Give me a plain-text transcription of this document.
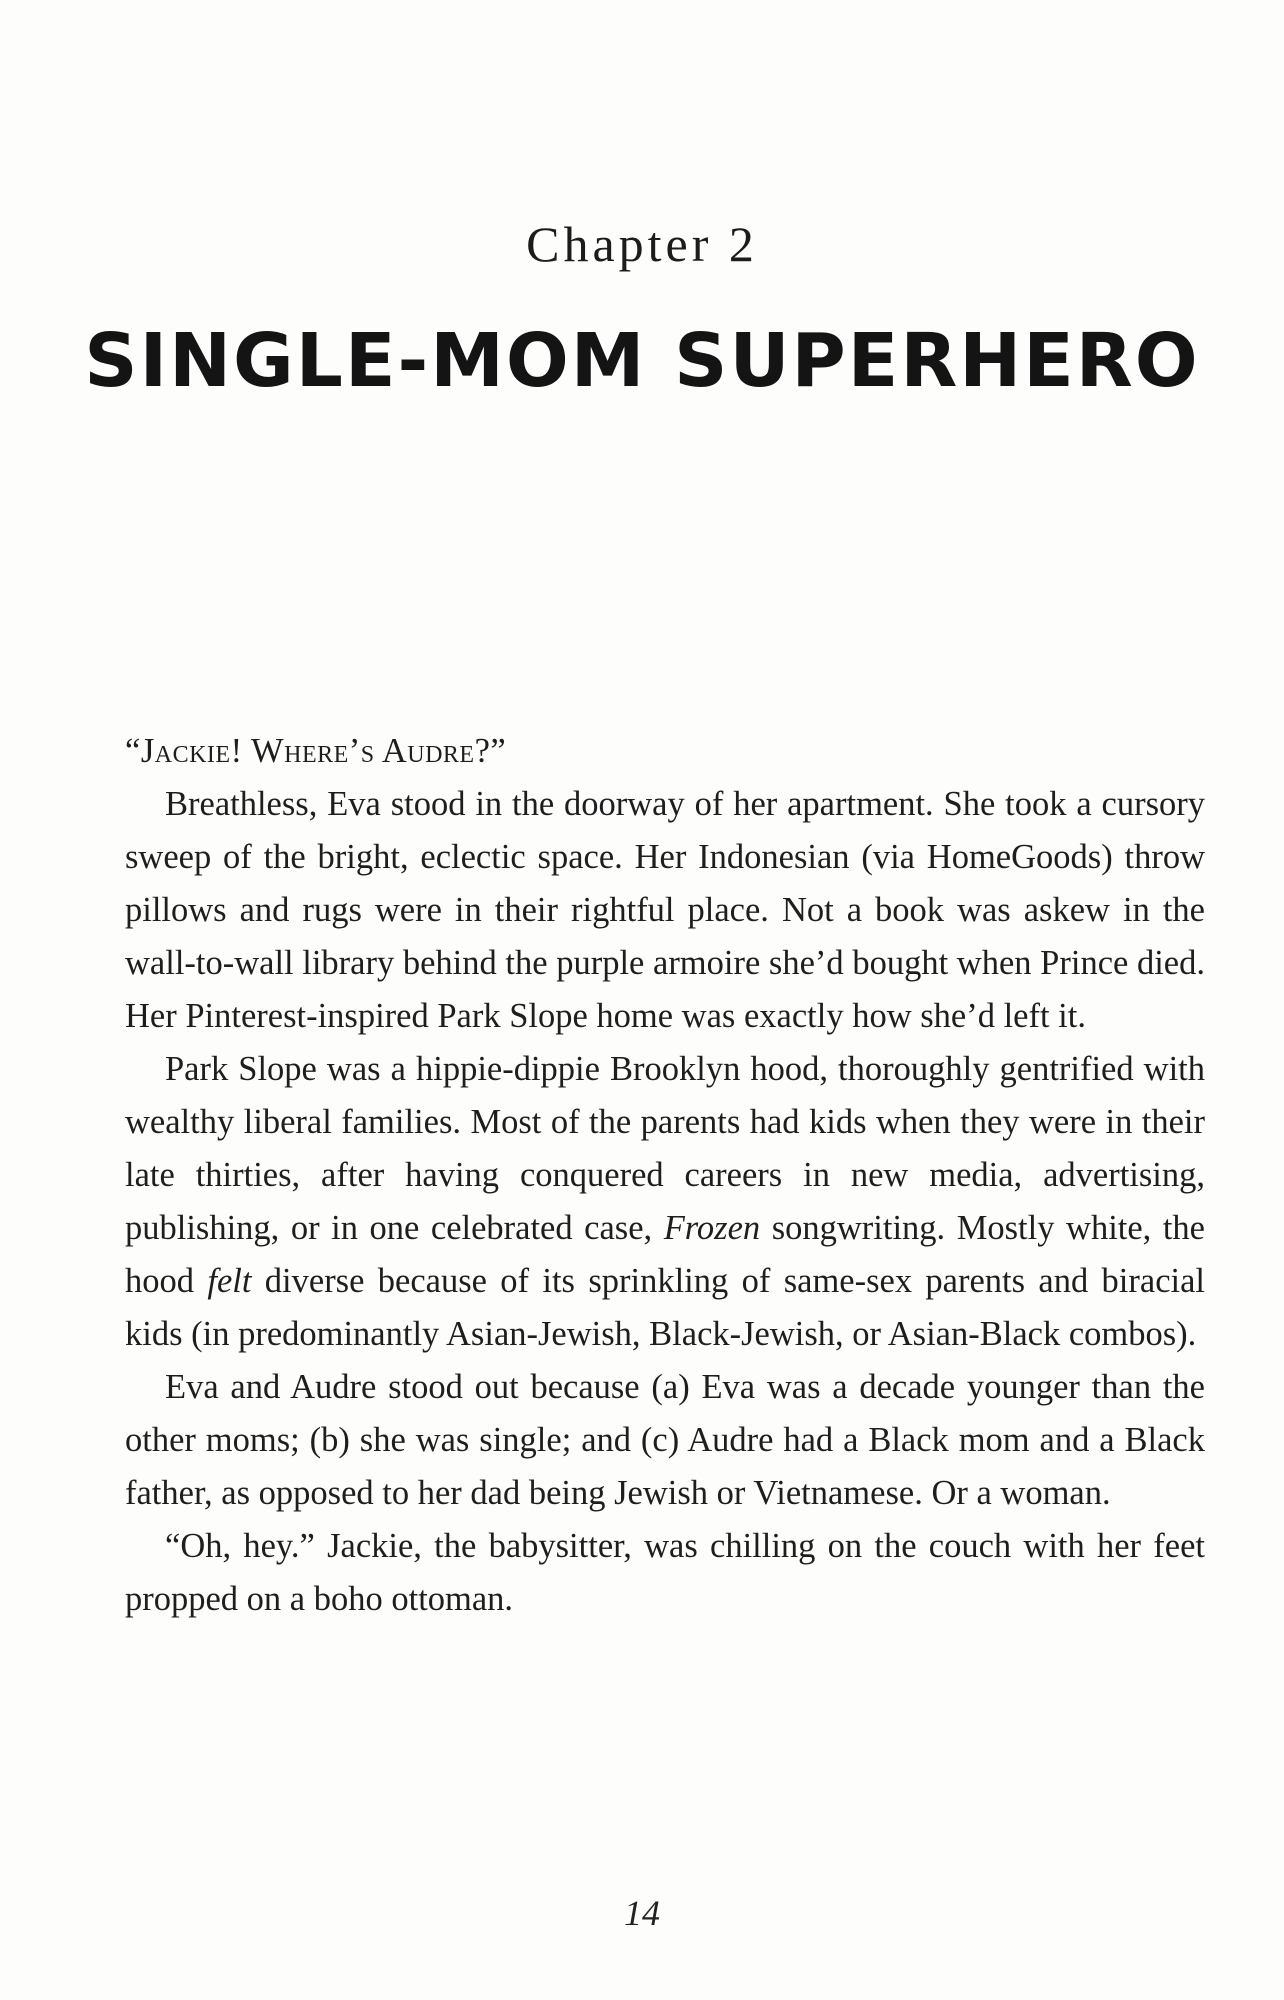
Chapter 2
SINGLE-MOM SUPERHERO

“Jackie! Where’s Audre?”

Breathless, Eva stood in the doorway of her apartment. She took a cursory sweep of the bright, eclectic space. Her Indonesian (via HomeGoods) throw pillows and rugs were in their rightful place. Not a book was askew in the wall-to-wall library behind the purple armoire she’d bought when Prince died. Her Pinterest-inspired Park Slope home was exactly how she’d left it.

Park Slope was a hippie-dippie Brooklyn hood, thoroughly gentrified with wealthy liberal families. Most of the parents had kids when they were in their late thirties, after having conquered careers in new media, advertising, publishing, or in one celebrated case, Frozen songwriting. Mostly white, the hood felt diverse because of its sprinkling of same-sex parents and biracial kids (in predominantly Asian-Jewish, Black-Jewish, or Asian-Black combos).

Eva and Audre stood out because (a) Eva was a decade younger than the other moms; (b) she was single; and (c) Audre had a Black mom and a Black father, as opposed to her dad being Jewish or Vietnamese. Or a woman.

“Oh, hey.” Jackie, the babysitter, was chilling on the couch with her feet propped on a boho ottoman.

14
